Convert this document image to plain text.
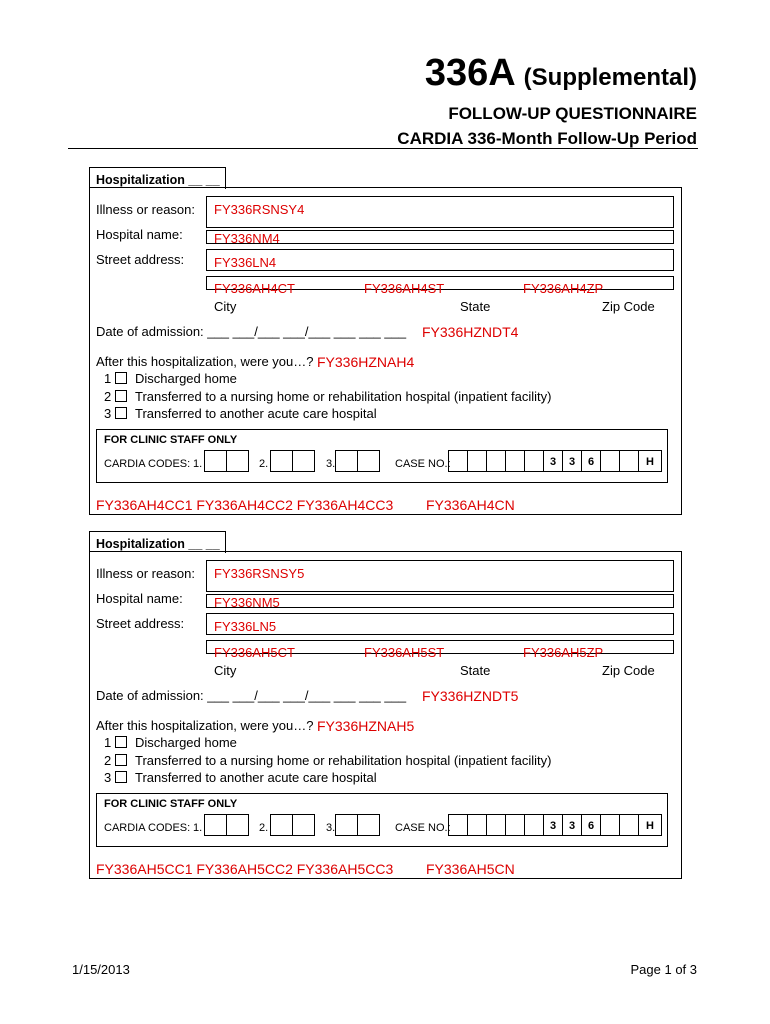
336A (Supplemental)
FOLLOW-UP QUESTIONNAIRE
CARDIA 336-Month Follow-Up Period
Hospitalization __ __
Illness or reason: FY336RSNSY4
Hospital name: FY336NM4
Street address: FY336LN4
FY336AH4CT	FY336AH4ST	FY336AH4ZP
City	State	Zip Code
Date of admission: ___ ___/___ ___/___ ___ ___ ___ FY336HZNDT4
After this hospitalization, were you…? FY336HZNAH4
1 Discharged home
2 Transferred to a nursing home or rehabilitation hospital (inpatient facility)
3 Transferred to another acute care hospital
FOR CLINIC STAFF ONLY
CARDIA CODES: 1.	2.	3.	CASE NO.:	3	3	6	H
FY336AH4CC1 FY336AH4CC2 FY336AH4CC3 FY336AH4CN
Hospitalization __ __
Illness or reason: FY336RSNSY5
Hospital name: FY336NM5
Street address: FY336LN5
FY336AH5CT	FY336AH5ST	FY336AH5ZP
City	State	Zip Code
Date of admission: ___ ___/___ ___/___ ___ ___ ___ FY336HZNDT5
After this hospitalization, were you…? FY336HZNAH5
1 Discharged home
2 Transferred to a nursing home or rehabilitation hospital (inpatient facility)
3 Transferred to another acute care hospital
FOR CLINIC STAFF ONLY
CARDIA CODES: 1.	2.	3.	CASE NO.:	3	3	6	H
FY336AH5CC1 FY336AH5CC2 FY336AH5CC3 FY336AH5CN
1/15/2013	Page 1 of 3
